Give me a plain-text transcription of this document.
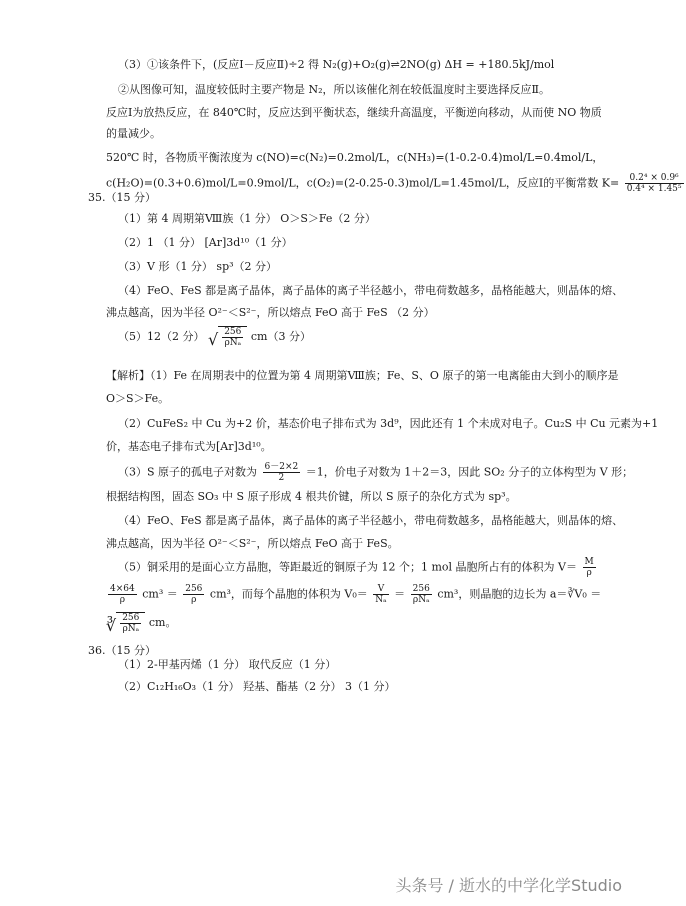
（3）①该条件下，(反应Ⅰ－反应Ⅱ)÷2 得 N₂(g)+O₂(g)⇌2NO(g) ΔH = +180.5kJ/mol
②从图像可知，温度较低时主要产物是 N₂，所以该催化剂在较低温度时主要选择反应Ⅱ。
反应Ⅰ为放热反应，在 840℃时，反应达到平衡状态，继续升高温度，平衡逆向移动，从而使 NO 物质
的量减少。
520℃ 时，各物质平衡浓度为 c(NO)=c(N₂)=0.2mol/L，c(NH₃)=(1-0.2-0.4)mol/L=0.4mol/L，
c(H₂O)=(0.3+0.6)mol/L=0.9mol/L，c(O₂)=(2-0.25-0.3)mol/L=1.45mol/L，反应Ⅰ的平衡常数 $K= \frac{\text{0.2⁴ × 0.9⁶}}{\text{0.4⁴ × 1.45⁵}}$
35.（15 分）
（1）第 4 周期第Ⅷ族（1 分） O＞S＞Fe（2 分）
（2）1 （1 分） [Ar]3d¹⁰（1 分）
（3）V 形（1 分） sp³（2 分）
（4）FeO、FeS 都是离子晶体，离子晶体的离子半径越小，带电荷数越多，晶格能越大，则晶体的熔、
沸点越高，因为半径 O²⁻＜S²⁻，所以熔点 FeO 高于 FeS （2 分）
（5）12（2 分） √ $\frac{256}{\text{ρNₐ}} cm(3$ 分）
【解析】（1）Fe 在周期表中的位置为第 4 周期第Ⅷ族；Fe、S、O 原子的第一电离能由大到小的顺序是
O＞S＞Fe。
（2）CuFeS₂ 中 Cu 为+2 价，基态价电子排布式为 3d⁹，因此还有 1 个未成对电子。Cu₂S 中 Cu 元素为+1
价，基态电子排布式为[Ar]3d¹⁰。
（3）S 原子的孤电子对数为 $\frac{6-2\times 2}{2} =1$，价电子对数为 1＋2＝3，因此 SO₂ 分子的立体构型为 V 形；
根据结构图，固态 SO₃ 中 S 原子形成 4 根共价键，所以 S 原子的杂化方式为 sp³。
（4）FeO、FeS 都是离子晶体，离子晶体的离子半径越小，带电荷数越多，晶格能越大，则晶体的熔、
沸点越高，因为半径 O²⁻＜S²⁻，所以熔点 FeO 高于 FeS。
（5）铜采用的是面心立方晶胞，等距最近的铜原子为 12 个；1 mol 晶胞所占有的体积为 $V= \frac{M}{\rho}$
$\frac{4\times 64}{\rho} cm^3 = \frac{256}{\rho} cm^3$，而每个晶胞的体积为 $V_0= \frac{V}{\text{Nₐ}} = \frac{256}{\text{ρNₐ}} cm^3$，则晶胞的边长为 a＝∛V₀ ＝
∛ $\frac{256}{\text{ρNₐ}}$ cm。
36.（15 分）
（1）2-甲基丙烯（1 分） 取代反应（1 分）
（2）C₁₂H₁₆O₃（1 分） 羟基、酯基（2 分） 3（1 分）
头条号 / 逝水的中学化学Studio
